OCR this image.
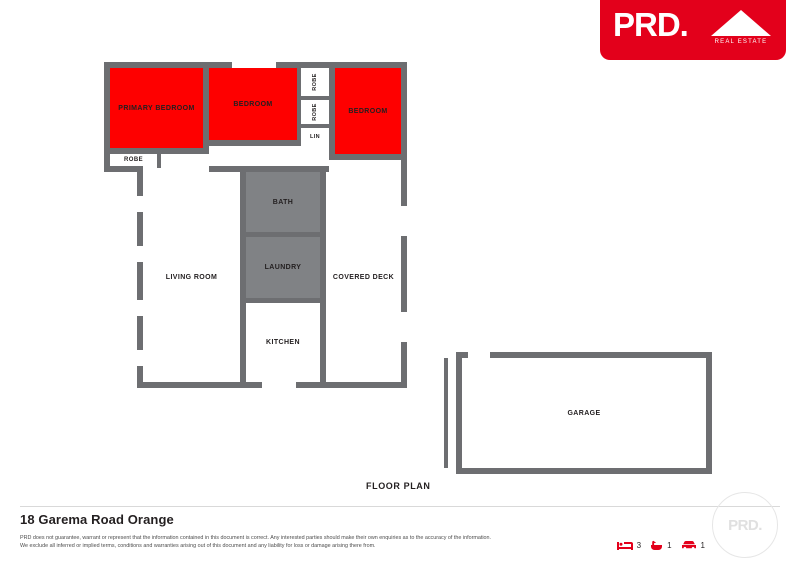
PRD.	REAL ESTATE
PRIMARY BEDROOM
BEDROOM
BEDROOM
ROBE
ROBE
ROBE
LIN
BATH
LAUNDRY
LIVING ROOM
KITCHEN
COVERED DECK
GARAGE
FLOOR PLAN
18 Garema Road Orange
PRD does not guarantee, warrant or represent that the information contained in this document is correct. Any interested parties should make their own enquiries as to the accuracy of the information.
We exclude all inferred or implied terms, conditions and warranties arising out of this document and any liability for loss or damage arising there from.
PRD.
3	1	1
